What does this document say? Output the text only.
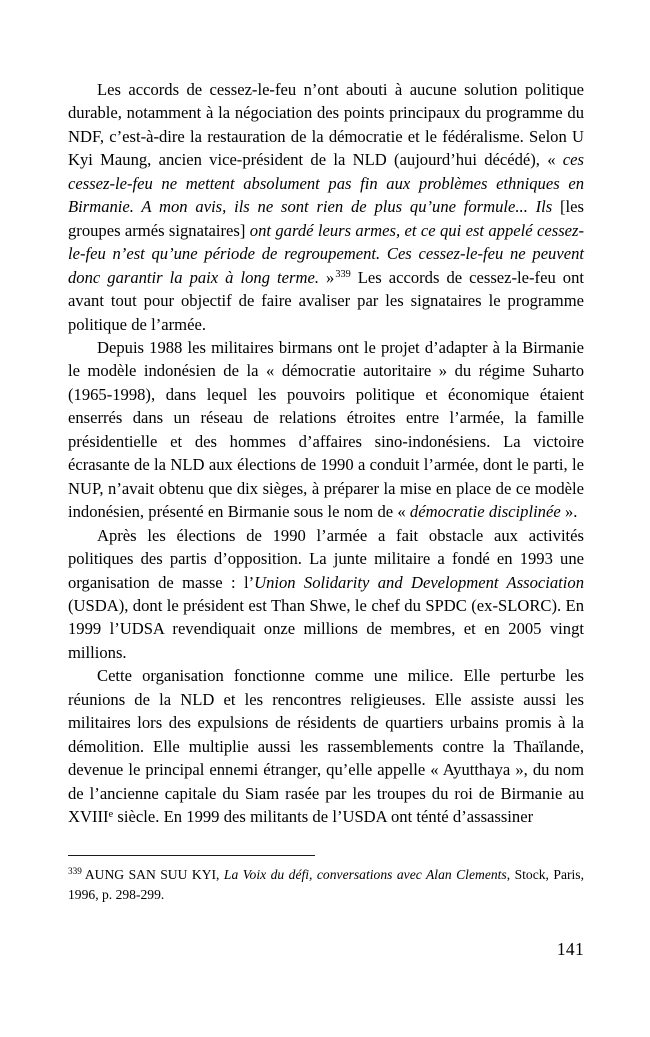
Les accords de cessez-le-feu n’ont abouti à aucune solution politique durable, notamment à la négociation des points principaux du programme du NDF, c’est-à-dire la restauration de la démocratie et le fédéralisme. Selon U Kyi Maung, ancien vice-président de la NLD (aujourd’hui décédé), « ces cessez-le-feu ne mettent absolument pas fin aux problèmes ethniques en Birmanie. A mon avis, ils ne sont rien de plus qu’une formule... Ils [les groupes armés signataires] ont gardé leurs armes, et ce qui est appelé cessez-le-feu n’est qu’une période de regroupement. Ces cessez-le-feu ne peuvent donc garantir la paix à long terme. »$^{339}$ Les accords de cessez-le-feu ont avant tout pour objectif de faire avaliser par les signataires le programme politique de l’armée.

Depuis 1988 les militaires birmans ont le projet d’adapter à la Birmanie le modèle indonésien de la « démocratie autoritaire » du régime Suharto (1965-1998), dans lequel les pouvoirs politique et économique étaient enserrés dans un réseau de relations étroites entre l’armée, la famille présidentielle et des hommes d’affaires sino-indonésiens. La victoire écrasante de la NLD aux élections de 1990 a conduit l’armée, dont le parti, le NUP, n’avait obtenu que dix sièges, à préparer la mise en place de ce modèle indonésien, présenté en Birmanie sous le nom de « démocratie disciplinée ».

Après les élections de 1990 l’armée a fait obstacle aux activités politiques des partis d’opposition. La junte militaire a fondé en 1993 une organisation de masse : l’Union Solidarity and Development Association (USDA), dont le président est Than Shwe, le chef du SPDC (ex-SLORC). En 1999 l’UDSA revendiquait onze millions de membres, et en 2005 vingt millions.

Cette organisation fonctionne comme une milice. Elle perturbe les réunions de la NLD et les rencontres religieuses. Elle assiste aussi les militaires lors des expulsions de résidents de quartiers urbains promis à la démolition. Elle multiplie aussi les rassemblements contre la Thaïlande, devenue le principal ennemi étranger, qu’elle appelle « Ayutthaya », du nom de l’ancienne capitale du Siam rasée par les troupes du roi de Birmanie au XVIIIe siècle. En 1999 des militants de l’USDA ont ténté d’assassiner

$^{339}$ AUNG SAN SUU KYI, La Voix du défi, conversations avec Alan Clements, Stock, Paris, 1996, p. 298-299.

141
